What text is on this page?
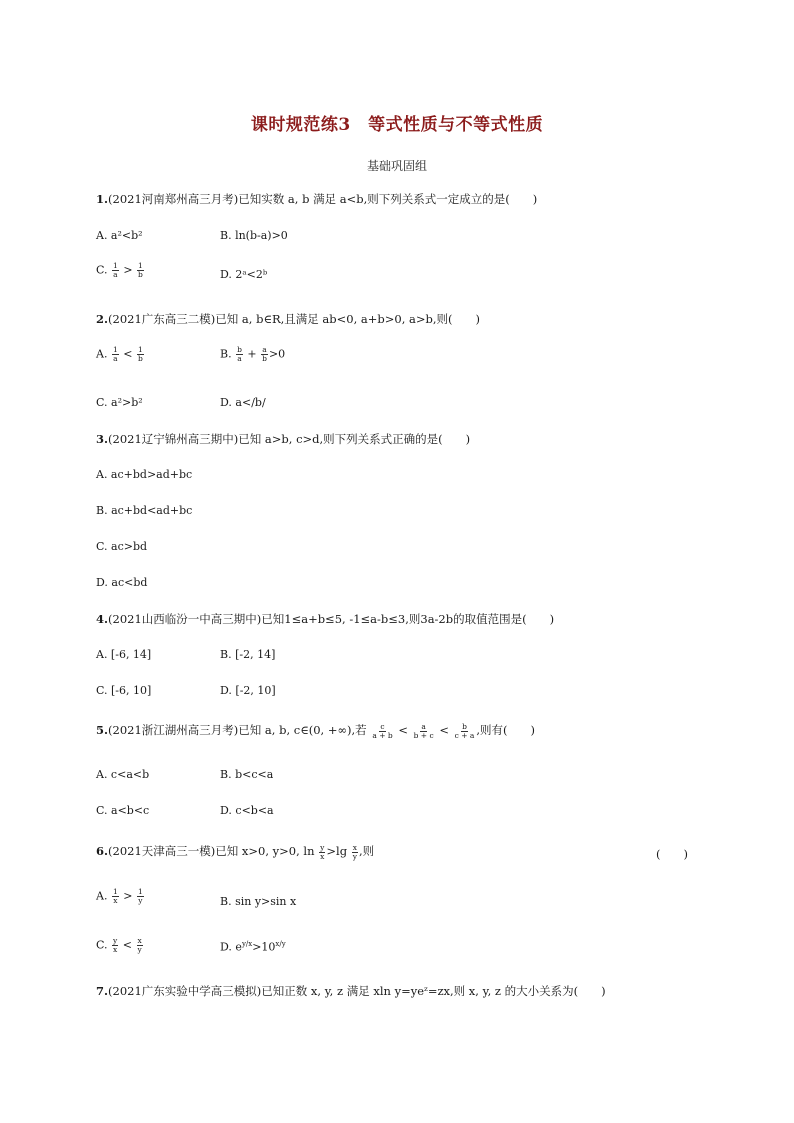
课时规范练3　等式性质与不等式性质
基础巩固组
1.(2021河南郑州高三月考)已知实数 a, b 满足 a<b,则下列关系式一定成立的是(　　)
A. a²<b²	B. ln(b-a)>0
C. $\frac{1}{a} > \frac{1}{b}$	D. 2ᵃ<2ᵇ
2.(2021广东高三二模)已知 a, b∈R,且满足 ab<0, a+b>0, a>b,则(　　)
A. $\frac{1}{a} < \frac{1}{b}$	B. $\frac{b}{a} + \frac{a}{b} >0$
C. a²>b²	D. a</b/
3.(2021辽宁锦州高三期中)已知 a>b, c>d,则下列关系式正确的是(　　)
A. ac+bd>ad+bc
B. ac+bd<ad+bc
C. ac>bd
D. ac<bd
4.(2021山西临汾一中高三期中)已知1≤a+b≤5, -1≤a-b≤3,则3a-2b的取值范围是(　　)
A. [-6, 14]	B. [-2, 14]
C. [-6, 10]	D. [-2, 10]
5.(2021浙江湖州高三月考)已知 a, b, c∈(0, +∞),若 $\frac{c}{a + b} < \frac{a}{b + c} < \frac{b}{c + a}$ ,则有(　　)
A. c<a<b	B. b<c<a
C. a<b<c	D. c<b<a
6.(2021天津高三一模)已知 x>0, y>0, $\ln \frac{y}{x} >\lg \frac{x}{y}$ ,则	(　　)
A. $\frac{1}{x} > \frac{1}{y}$	B. sin y>sin x
C. $\frac{y}{x} < \frac{x}{y}$	D. $e^{y/x}>10^{x/y}$
7.(2021广东实验中学高三模拟)已知正数 x, y, z 满足 xln y=yeᶻ=zx,则 x, y, z 的大小关系为(　　)
